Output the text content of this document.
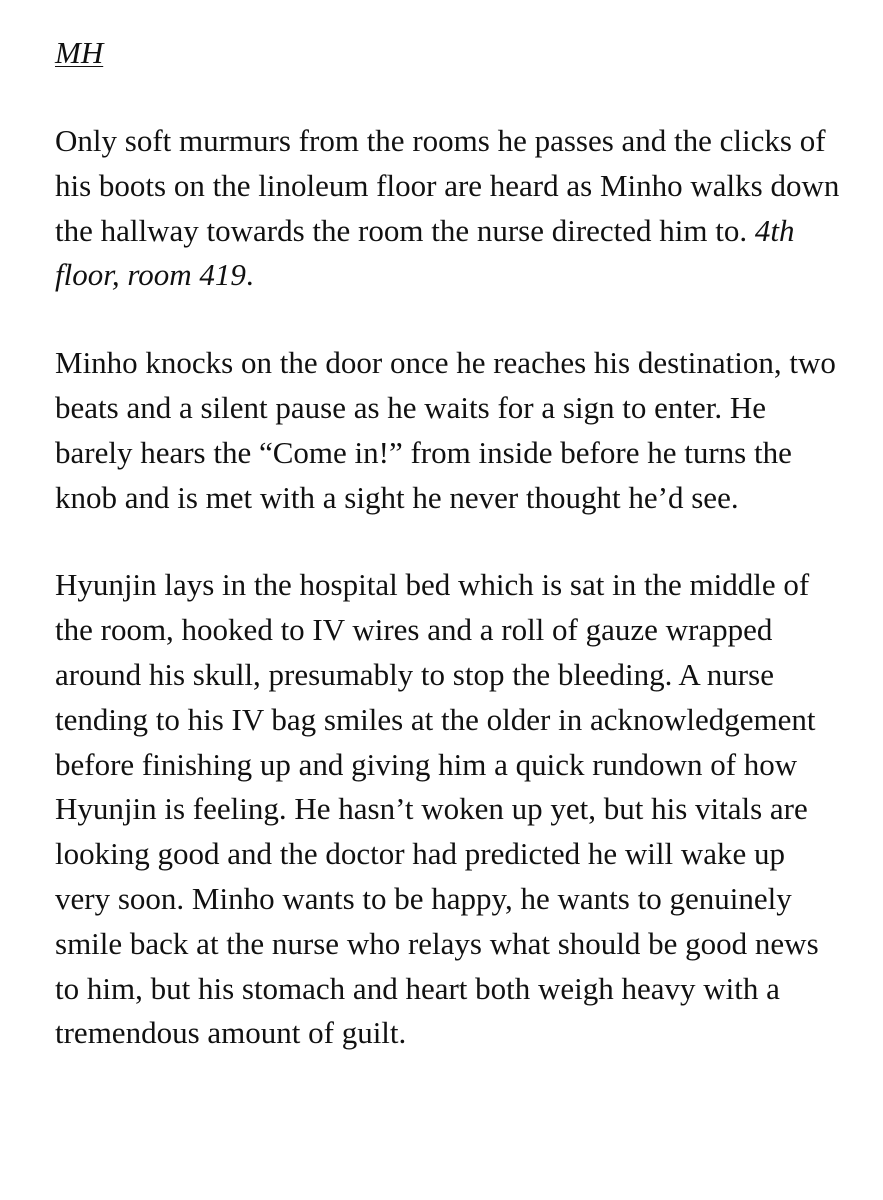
MH

Only soft murmurs from the rooms he passes and the clicks of his boots on the linoleum floor are heard as Minho walks down the hallway towards the room the nurse directed him to. 4th floor, room 419.

Minho knocks on the door once he reaches his destination, two beats and a silent pause as he waits for a sign to enter. He barely hears the “Come in!” from inside before he turns the knob and is met with a sight he never thought he’d see.

Hyunjin lays in the hospital bed which is sat in the middle of the room, hooked to IV wires and a roll of gauze wrapped around his skull, presumably to stop the bleeding. A nurse tending to his IV bag smiles at the older in acknowledgement before finishing up and giving him a quick rundown of how Hyunjin is feeling. He hasn’t woken up yet, but his vitals are looking good and the doctor had predicted he will wake up very soon. Minho wants to be happy, he wants to genuinely smile back at the nurse who relays what should be good news to him, but his stomach and heart both weigh heavy with a tremendous amount of guilt.
